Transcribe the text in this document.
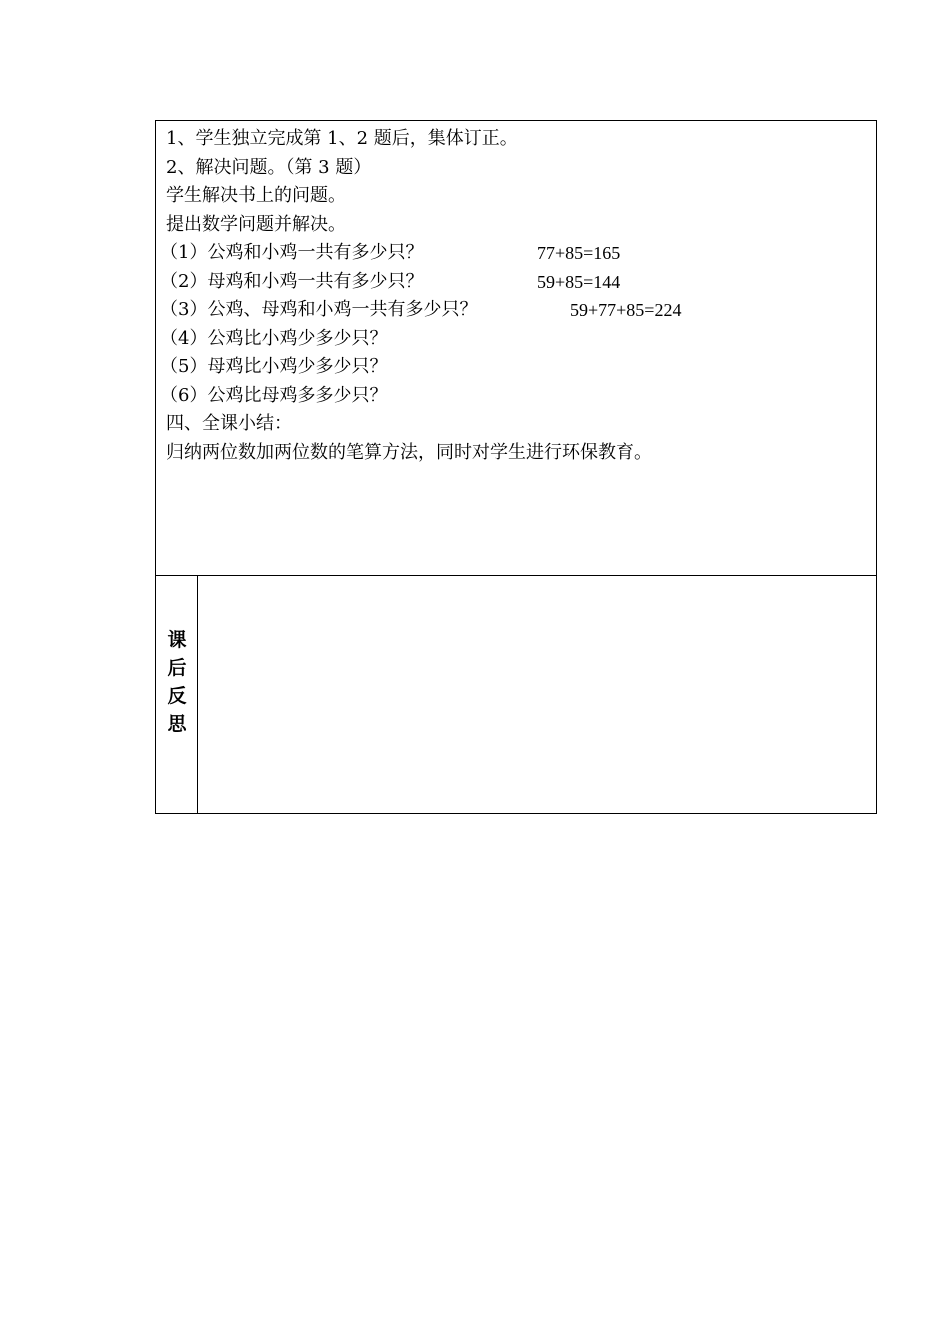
1、学生独立完成第 1、2 题后，集体订正。
2、解决问题。（第 3 题）
学生解决书上的问题。
提出数学问题并解决。
（1）公鸡和小鸡一共有多少只？	77+85=165
（2）母鸡和小鸡一共有多少只？	59+85=144
（3）公鸡、母鸡和小鸡一共有多少只？	59+77+85=224
（4）公鸡比小鸡少多少只？
（5）母鸡比小鸡少多少只？
（6）公鸡比母鸡多多少只？
四、全课小结：
归纳两位数加两位数的笔算方法，同时对学生进行环保教育。
课
后
反
思
